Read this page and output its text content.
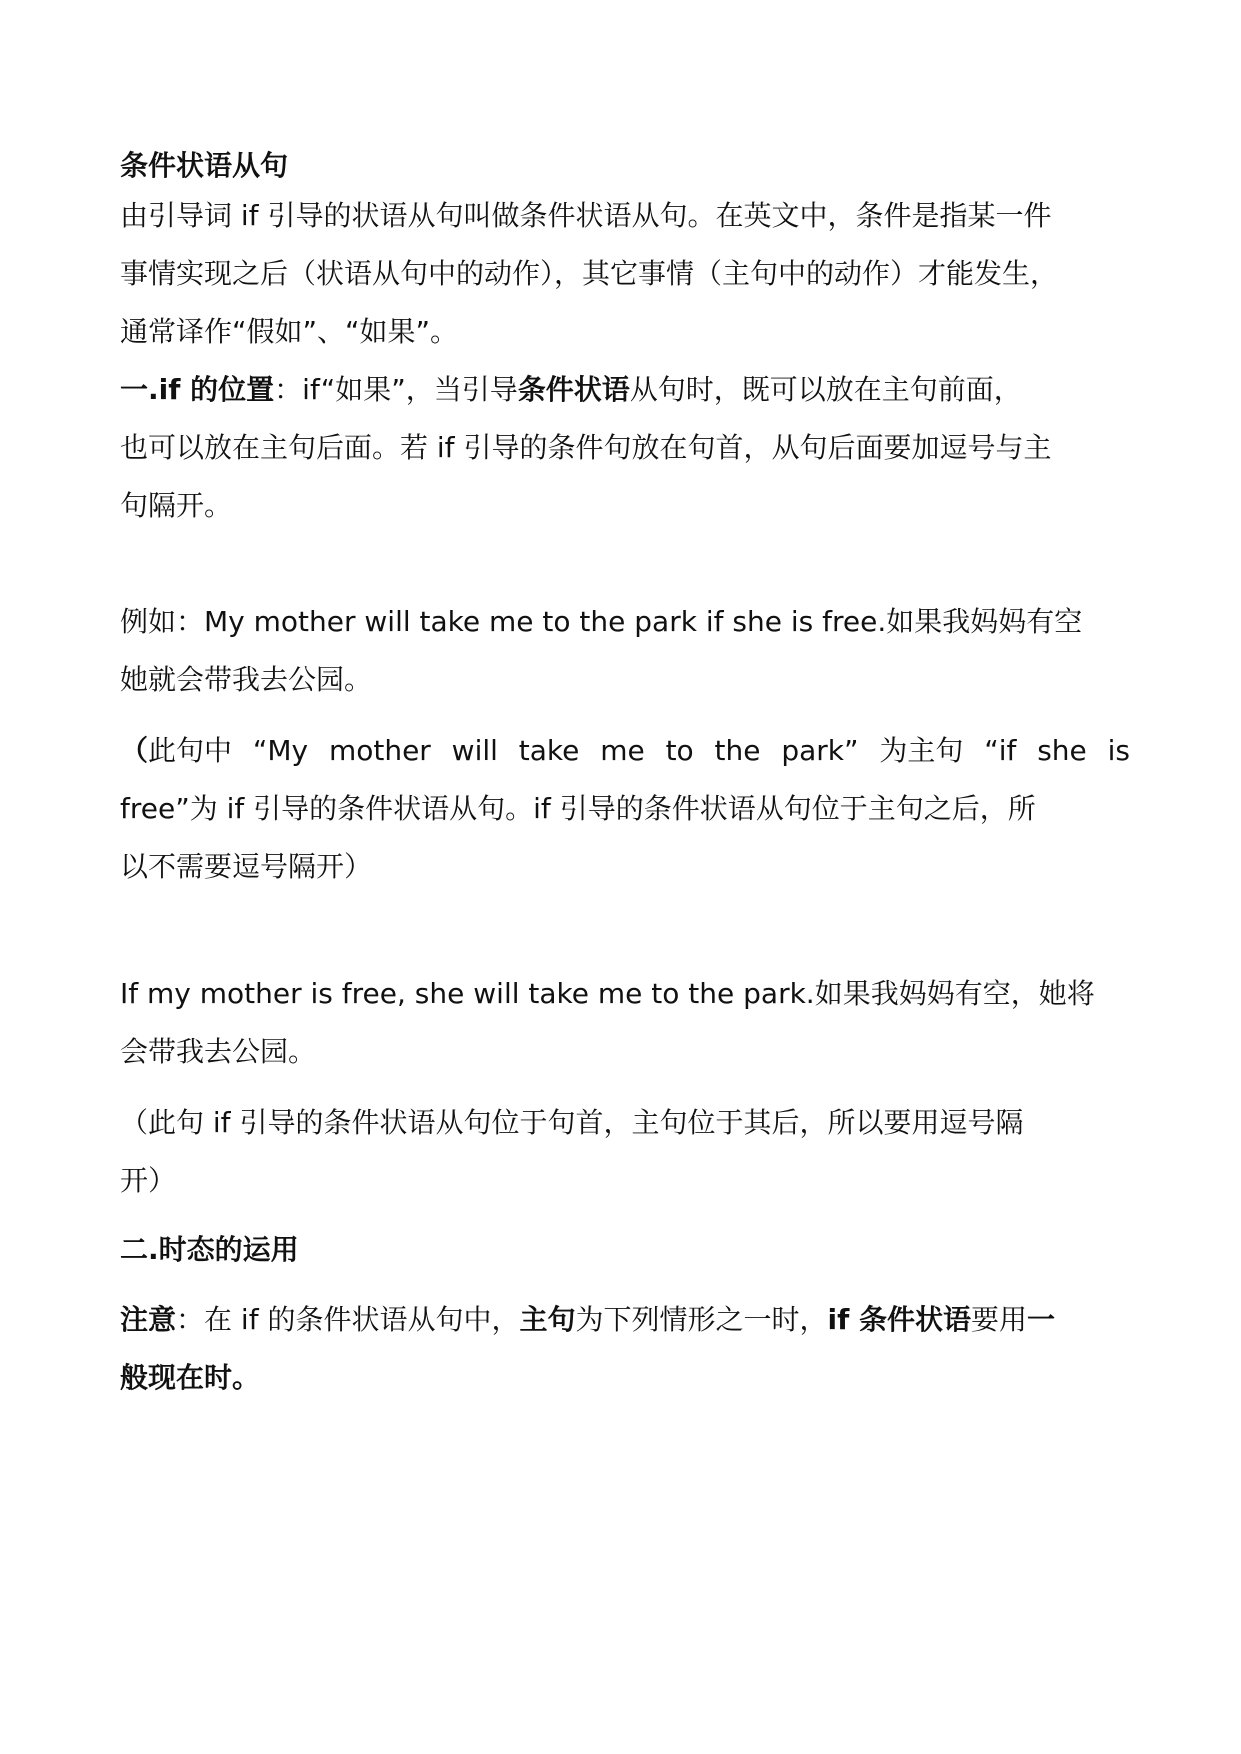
条件状语从句
由引导词 if 引导的状语从句叫做条件状语从句。在英文中，条件是指某一件
事情实现之后（状语从句中的动作），其它事情（主句中的动作）才能发生，
通常译作“假如”、“如果”。
一.if 的位置：if“如果”，当引导条件状语从句时，既可以放在主句前面，
也可以放在主句后面。若 if 引导的条件句放在句首，从句后面要加逗号与主
句隔开。
例如：My mother will take me to the park if she is free.如果我妈妈有空
她就会带我去公园。
（此句中 “My mother will take me to the park” 为主句 “if she is
free”为 if 引导的条件状语从句。if 引导的条件状语从句位于主句之后，所
以不需要逗号隔开）
If my mother is free, she will take me to the park.如果我妈妈有空，她将
会带我去公园。
（此句 if 引导的条件状语从句位于句首，主句位于其后，所以要用逗号隔
开）
二.时态的运用
注意：在 if 的条件状语从句中，主句为下列情形之一时，if 条件状语要用一
般现在时。
